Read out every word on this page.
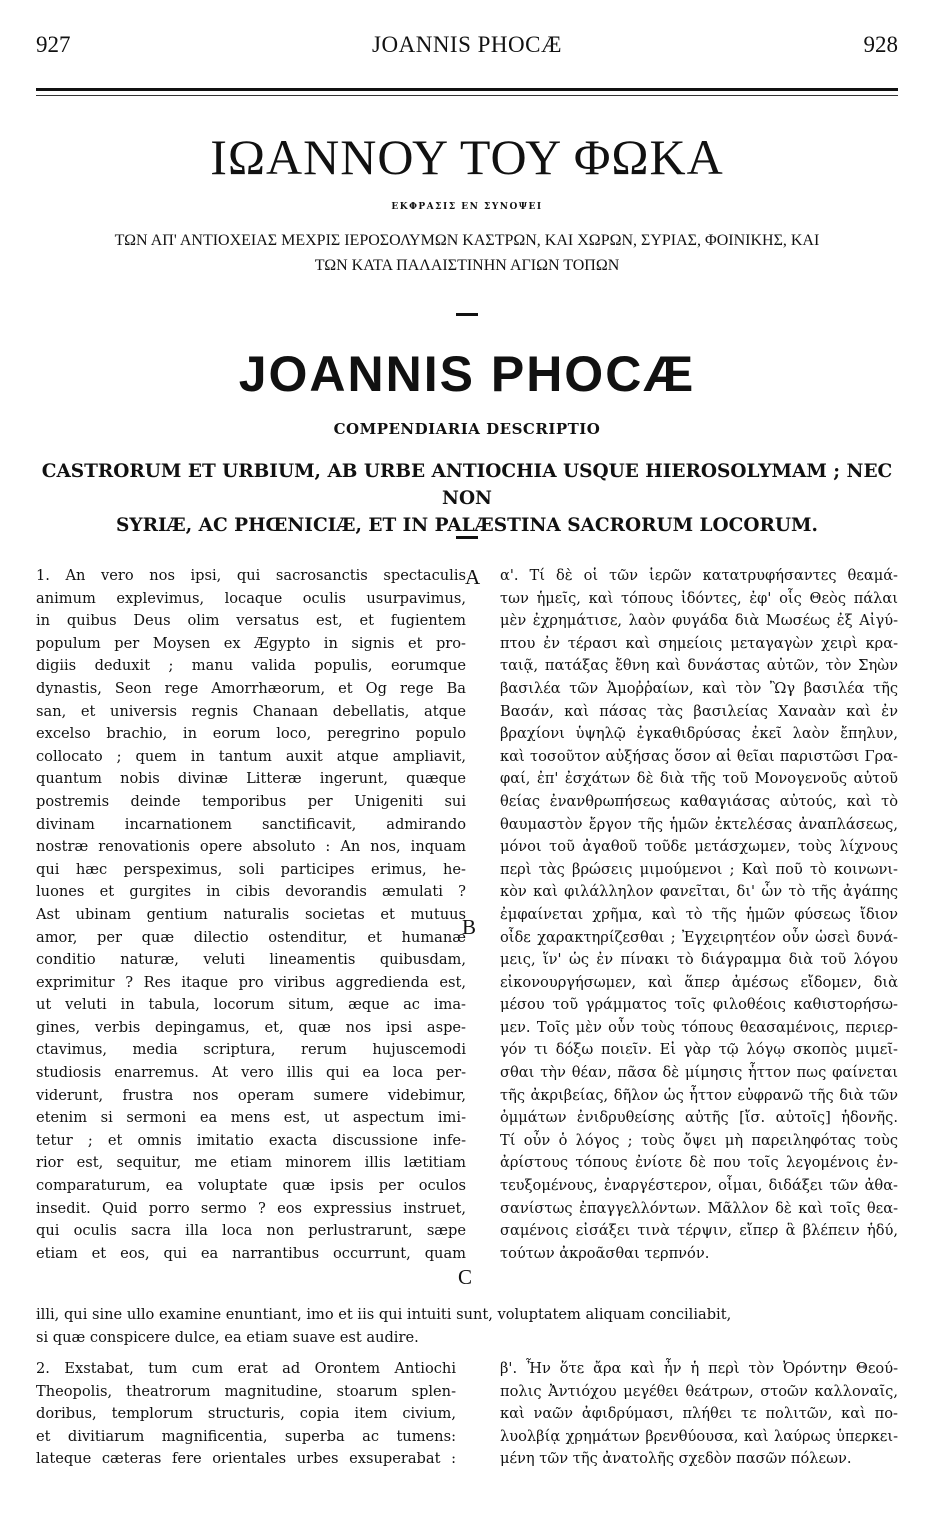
927	JOANNIS PHOCÆ	928
ΙΩΑΝΝΟΥ ΤΟΥ ΦΩΚΑ
ΕΚΦΡΑΣΙΣ ΕΝ ΣΥΝΟΨΕΙ
ΤΩΝ ΑΠ' ΑΝΤΙΟΧΕΙΑΣ ΜΕΧΡΙΣ ΙΕΡΟΣΟΛΥΜΩΝ ΚΑΣΤΡΩΝ, ΚΑΙ ΧΩΡΩΝ, ΣΥΡΙΑΣ, ΦΟΙΝΙΚΗΣ, ΚΑΙ
ΤΩΝ ΚΑΤΑ ΠΑΛΑΙΣΤΙΝΗΝ ΑΓΙΩΝ ΤΟΠΩΝ
JOANNIS PHOCÆ
COMPENDIARIA DESCRIPTIO
CASTRORUM ET URBIUM, AB URBE ANTIOCHIA USQUE HIEROSOLYMAM ; NEC NON
SYRIÆ, AC PHŒNICIÆ, ET IN PALÆSTINA SACRORUM LOCORUM.
1. An vero nos ipsi, qui sacrosanctis spectaculis
animum explevimus, locaque oculis usurpavimus,
in quibus Deus olim versatus est, et fugientem
populum per Moysen ex Ægypto in signis et pro-
digiis deduxit ; manu valida populis, eorumque
dynastis, Seon rege Amorrhæorum, et Og rege Ba
san, et universis regnis Chanaan debellatis, atque
excelso brachio, in eorum loco, peregrino populo
collocato ; quem in tantum auxit atque ampliavit,
quantum nobis divinæ Litteræ ingerunt, quæque
postremis deinde temporibus per Unigeniti sui
divinam incarnationem sanctificavit, admirando
nostræ renovationis opere absoluto : An nos, inquam
qui hæc perspeximus, soli participes erimus, he-
luones et gurgites in cibis devorandis æmulati ?
Ast ubinam gentium naturalis societas et mutuus
amor, per quæ dilectio ostenditur, et humanæ
conditio naturæ, veluti lineamentis quibusdam,
exprimitur ? Res itaque pro viribus aggredienda est,
ut veluti in tabula, locorum situm, æque ac ima-
gines, verbis depingamus, et, quæ nos ipsi aspe-
ctavimus, media scriptura, rerum hujuscemodi
studiosis enarremus. At vero illis qui ea loca per-
viderunt, frustra nos operam sumere videbimur,
etenim si sermoni ea mens est, ut aspectum imi-
tetur ; et omnis imitatio exacta discussione infe-
rior est, sequitur, me etiam minorem illis lætitiam
comparaturum, ea voluptate quæ ipsis per oculos
insedit. Quid porro sermo ? eos expressius instruet,
qui oculis sacra illa loca non perlustrarunt, sæpe
etiam et eos, qui ea narrantibus occurrunt, quam
α'. Τί δὲ οἱ τῶν ἱερῶν κατατρυφήσαντες θεαμά-
των ἡμεῖς, καὶ τόπους ἰδόντες, ἐφ' οἷς Θεὸς πάλαι
μὲν ἐχρημάτισε, λαὸν φυγάδα διὰ Μωσέως ἐξ Αἰγύ-
πτου ἐν τέρασι καὶ σημείοις μεταγαγὼν χειρὶ κρα-
ταιᾷ, πατάξας ἔθνη καὶ δυνάστας αὐτῶν, τὸν Σηὼν
βασιλέα τῶν Ἀμοῤῥαίων, καὶ τὸν Ὢγ βασιλέα τῆς
Βασάν, καὶ πάσας τὰς βασιλείας Χαναὰν καὶ ἐν
βραχίονι ὑψηλῷ ἐγκαθιδρύσας ἐκεῖ λαὸν ἔπηλυν,
καὶ τοσοῦτον αὐξήσας ὅσον αἱ θεῖαι παριστῶσι Γρα-
φαί, ἐπ' ἐσχάτων δὲ διὰ τῆς τοῦ Μονογενοῦς αὐτοῦ
θείας ἐνανθρωπήσεως καθαγιάσας αὐτούς, καὶ τὸ
θαυμαστὸν ἔργον τῆς ἡμῶν ἐκτελέσας ἀναπλάσεως,
μόνοι τοῦ ἀγαθοῦ τοῦδε μετάσχωμεν, τοὺς λίχνους
περὶ τὰς βρώσεις μιμούμενοι ; Καὶ ποῦ τὸ κοινωνι-
κὸν καὶ φιλάλληλον φανεῖται, δι' ὧν τὸ τῆς ἀγάπης
ἐμφαίνεται χρῆμα, καὶ τὸ τῆς ἡμῶν φύσεως ἴδιον
οἶδε χαρακτηρίζεσθαι ; Ἐγχειρητέον οὖν ὡσεὶ δυνά-
μεις, ἵν' ὡς ἐν πίνακι τὸ διάγραμμα διὰ τοῦ λόγου
εἰκονουργήσωμεν, καὶ ἅπερ ἀμέσως εἴδομεν, διὰ
μέσου τοῦ γράμματος τοῖς φιλοθέοις καθιστορήσω-
μεν. Τοῖς μὲν οὖν τοὺς τόπους θεασαμένοις, περιερ-
γόν τι δόξω ποιεῖν. Εἰ γὰρ τῷ λόγῳ σκοπὸς μιμεῖ-
σθαι τὴν θέαν, πᾶσα δὲ μίμησις ἧττον πως φαίνεται
τῆς ἀκριβείας, δῆλον ὡς ἧττον εὐφρανῶ τῆς διὰ τῶν
ὀμμάτων ἐνιδρυθείσης αὐτῆς [ἴσ. αὐτοῖς] ἡδονῆς.
Τί οὖν ὁ λόγος ; τοὺς ὄψει μὴ παρειληφότας τοὺς
ἀρίστους τόπους ἐνίοτε δὲ που τοῖς λεγομένοις ἐν-
τευξομένους, ἐναργέστερον, οἶμαι, διδάξει τῶν ἀθα-
σανίστως ἐπαγγελλόντων. Μᾶλλον δὲ καὶ τοῖς θεα-
σαμένοις εἰσάξει τινὰ τέρψιν, εἴπερ ἃ βλέπειν ἡδύ,
τούτων ἀκροᾶσθαι τερπνόν.
A
B
C
illi, qui sine ullo examine enuntiant, imo et iis qui intuiti sunt, voluptatem aliquam conciliabit,
si quæ conspicere dulce, ea etiam suave est audire.
2. Exstabat, tum cum erat ad Orontem Antiochi
Theopolis, theatrorum magnitudine, stoarum splen-
doribus, templorum structuris, copia item civium,
et divitiarum magnificentia, superba ac tumens:
lateque cæteras fere orientales urbes exsuperabat :
β'. Ἦν ὅτε ἄρα καὶ ἦν ἡ περὶ τὸν Ὀρόντην Θεού-
πολις Ἀντιόχου μεγέθει θεάτρων, στοῶν καλλοναῖς,
καὶ ναῶν ἀφιδρύμασι, πλήθει τε πολιτῶν, καὶ πο-
λυολβίᾳ χρημάτων βρενθύουσα, καὶ λαύρως ὑπερκει-
μένη τῶν τῆς ἀνατολῆς σχεδὸν πασῶν πόλεων.
